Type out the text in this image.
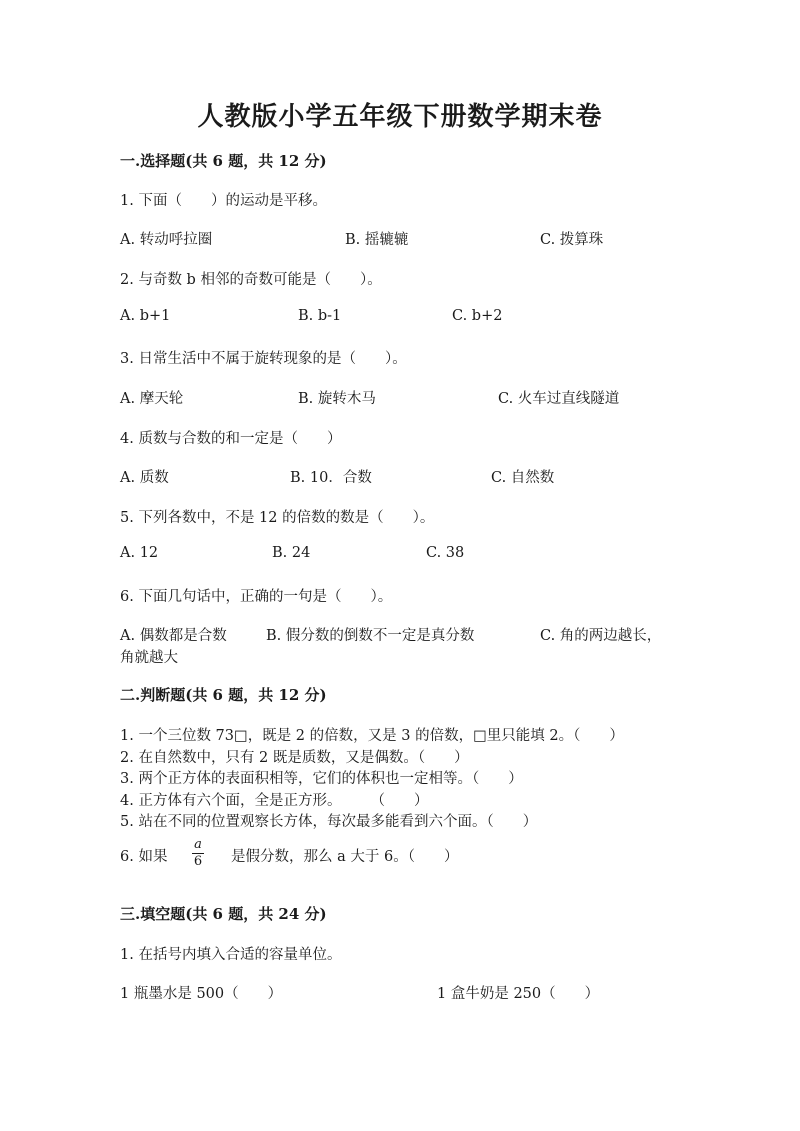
人教版小学五年级下册数学期末卷
一.选择题(共 6 题，共 12 分)
1. 下面（　　）的运动是平移。
A. 转动呼拉圈	B. 摇辘辘	C. 拨算珠
2. 与奇数 b 相邻的奇数可能是（　　）。
A. b+1	B. b-1	C. b+2
3. 日常生活中不属于旋转现象的是（　　）。
A. 摩天轮	B. 旋转木马	C. 火车过直线隧道
4. 质数与合数的和一定是（　　）
A. 质数	B. 10．合数	C. 自然数
5. 下列各数中，不是 12 的倍数的数是（　　）。
A. 12	B. 24	C. 38
6. 下面几句话中，正确的一句是（　　）。
A. 偶数都是合数	B. 假分数的倒数不一定是真分数	C. 角的两边越长，
角就越大
二.判断题(共 6 题，共 12 分)
1. 一个三位数 73□，既是 2 的倍数，又是 3 的倍数，□里只能填 2。（　　）
2. 在自然数中，只有 2 既是质数，又是偶数。（　　）
3. 两个正方体的表面积相等，它们的体积也一定相等。（　　）
4. 正方体有六个面，全是正方形。　　　（　　）
5. 站在不同的位置观察长方体，每次最多能看到六个面。（　　）
6. 如果
a
6 是假分数，那么 a 大于 6。（　　）
三.填空题(共 6 题，共 24 分)
1. 在括号内填入合适的容量单位。
1 瓶墨水是 500（　　）	1 盒牛奶是 250（　　）
